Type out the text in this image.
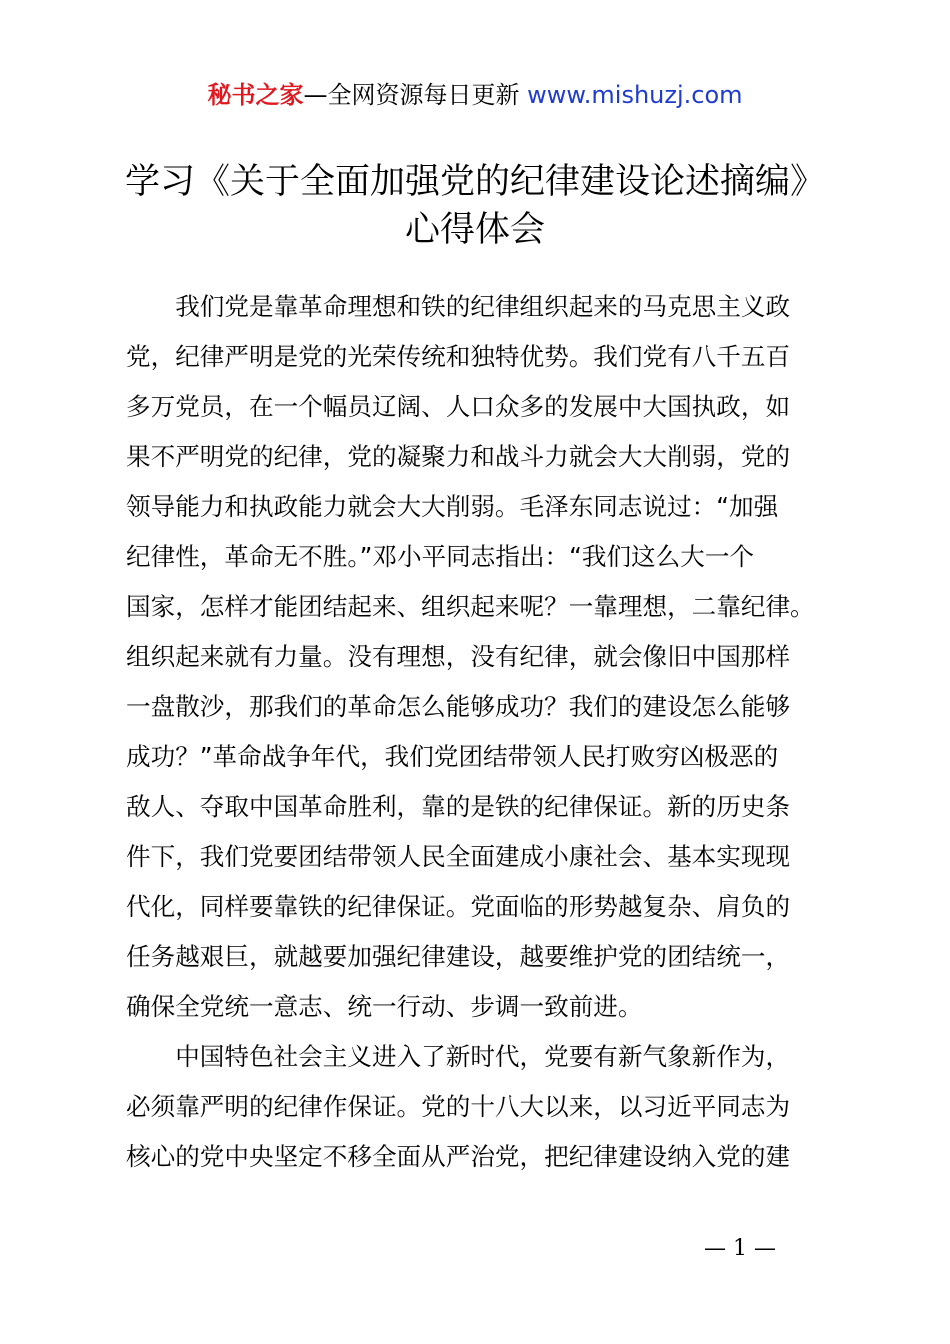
秘书之家—全网资源每日更新 www.mishuzj.com
学习《关于全面加强党的纪律建设论述摘编》
心得体会

我们党是靠革命理想和铁的纪律组织起来的马克思主义政
党，纪律严明是党的光荣传统和独特优势。我们党有八千五百
多万党员，在一个幅员辽阔、人口众多的发展中大国执政，如
果不严明党的纪律，党的凝聚力和战斗力就会大大削弱，党的
领导能力和执政能力就会大大削弱。毛泽东同志说过：“加强
纪律性，革命无不胜。”邓小平同志指出：“我们这么大一个
国家，怎样才能团结起来、组织起来呢？一靠理想，二靠纪律。
组织起来就有力量。没有理想，没有纪律，就会像旧中国那样
一盘散沙，那我们的革命怎么能够成功？我们的建设怎么能够
成功？”革命战争年代，我们党团结带领人民打败穷凶极恶的
敌人、夺取中国革命胜利，靠的是铁的纪律保证。新的历史条
件下，我们党要团结带领人民全面建成小康社会、基本实现现
代化，同样要靠铁的纪律保证。党面临的形势越复杂、肩负的
任务越艰巨，就越要加强纪律建设，越要维护党的团结统一，
确保全党统一意志、统一行动、步调一致前进。

中国特色社会主义进入了新时代，党要有新气象新作为，
必须靠严明的纪律作保证。党的十八大以来，以习近平同志为
核心的党中央坚定不移全面从严治党，把纪律建设纳入党的建

— 1 —
